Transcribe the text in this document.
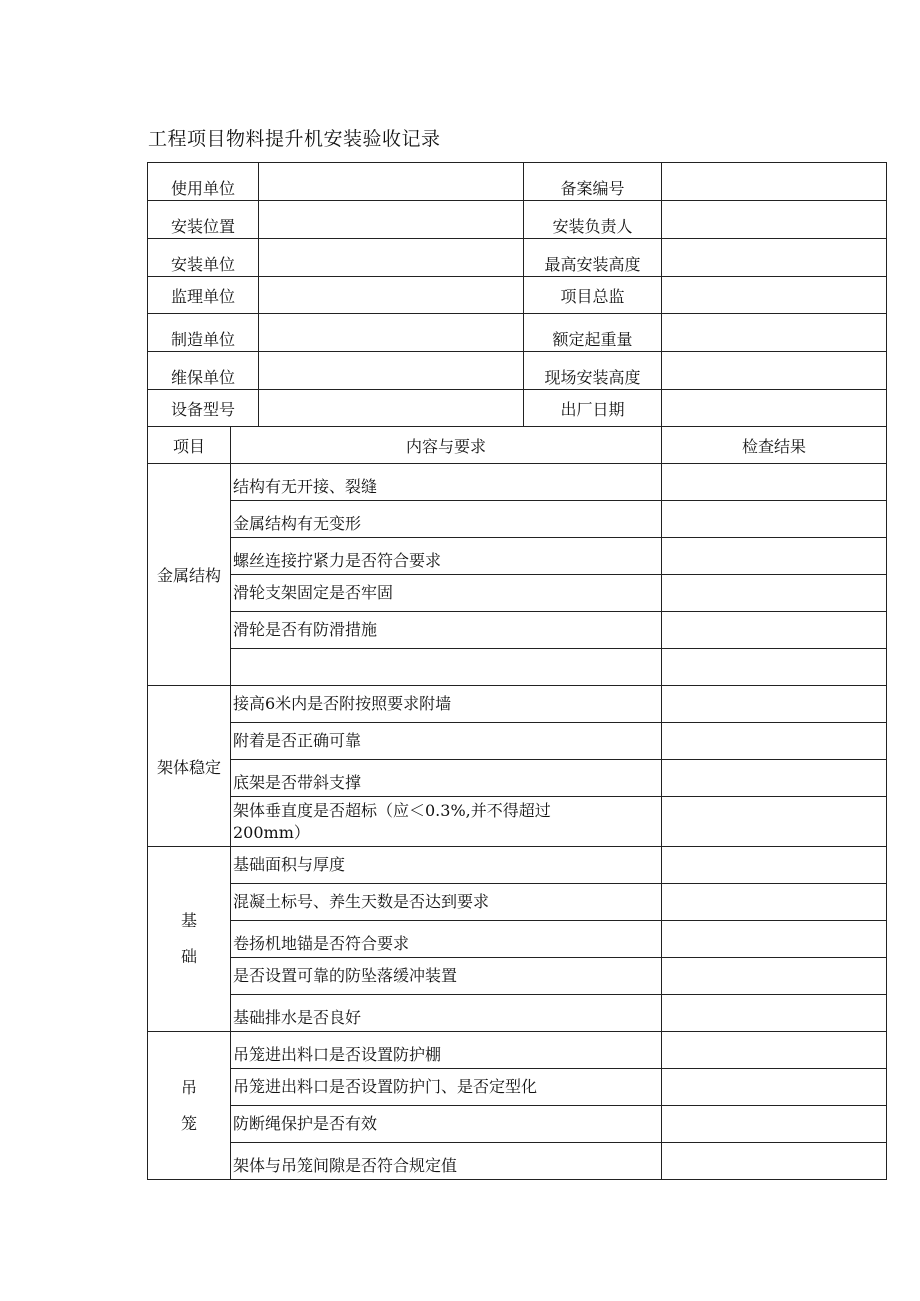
工程项目物料提升机安装验收记录
使用单位			备案编号	
安装位置			安装负责人	
安装单位			最高安装高度	
监理单位			项目总监	
制造单位			额定起重量	
维保单位			现场安装高度	
设备型号			出厂日期	
项目	内容与要求			检查结果
金属结构	结构有无开接、裂缝			
	金属结构有无变形			
	螺丝连接拧紧力是否符合要求			
	滑轮支架固定是否牢固			
	滑轮是否有防滑措施			

架体稳定	接高6米内是否附按照要求附墙			
	附着是否正确可靠			
	底架是否带斜支撑			
	架体垂直度是否超标（应＜0.3%,并不得超过200mm）			

基
础	基础面积与厚度			
	混凝土标号、养生天数是否达到要求			
	卷扬机地锚是否符合要求			
	是否设置可靠的防坠落缓冲装置			
	基础排水是否良好			

吊
笼	吊笼进出料口是否设置防护棚			
	吊笼进出料口是否设置防护门、是否定型化			
	防断绳保护是否有效			
	架体与吊笼间隙是否符合规定值			
